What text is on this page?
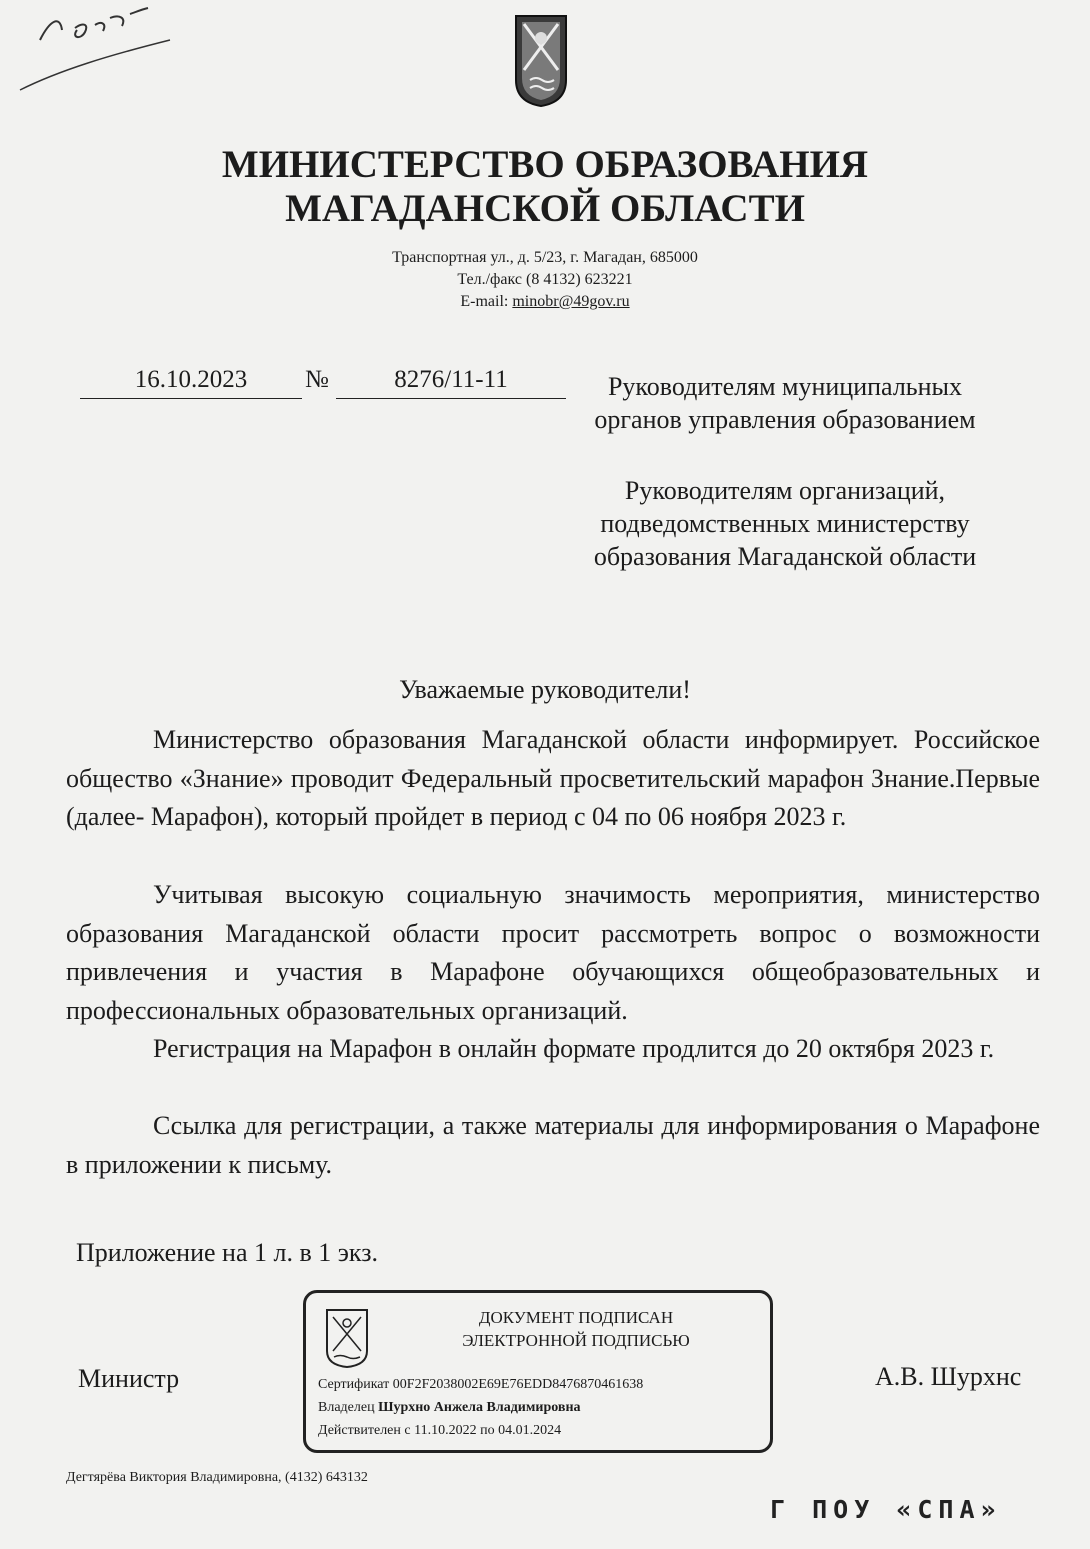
МИНИСТЕРСТВО ОБРАЗОВАНИЯ
МАГАДАНСКОЙ ОБЛАСТИ
Транспортная ул., д. 5/23, г. Магадан, 685000
Тел./факс (8 4132) 623221
E-mail: minobr@49gov.ru
16.10.2023	№	8276/11-11	Руководителям муниципальных
органов управления образованием
Руководителям организаций,
подведомственных министерству
образования Магаданской области
Уважаемые руководители!

Министерство образования Магаданской области информирует. Российское общество «Знание» проводит Федеральный просветительский марафон Знание.Первые (далее- Марафон), который пройдет в период с 04 по 06 ноября 2023 г.

Учитывая высокую социальную значимость мероприятия, министерство образования Магаданской области просит рассмотреть вопрос о возможности привлечения и участия в Марафоне обучающихся общеобразовательных и профессиональных образовательных организаций.

Регистрация на Марафон в онлайн формате продлится до 20 октября 2023 г.

Ссылка для регистрации, а также материалы для информирования о Марафоне в приложении к письму.

Приложение на 1 л. в 1 экз.
Министр
ДОКУМЕНТ ПОДПИСАН
ЭЛЕКТРОННОЙ ПОДПИСЬЮ
Сертификат 00F2F2038002E69E76EDD8476870461638
Владелец Шурхно Анжела Владимировна
Действителен с 11.10.2022 по 04.01.2024
А.В. Шурхнс
Дегтярёва Виктория Владимировна, (4132) 643132
Г ПОУ «СПА»
